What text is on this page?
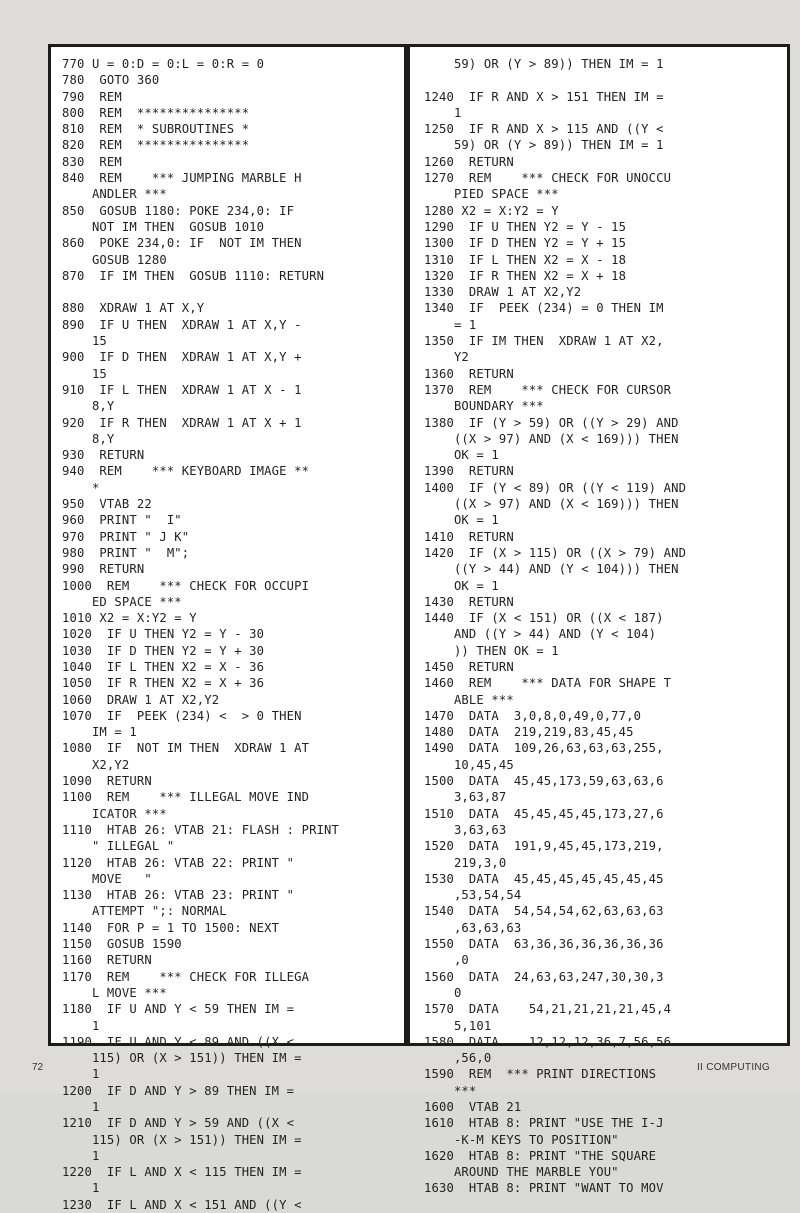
770 U = 0:D = 0:L = 0:R = 0
780  GOTO 360
790  REM
800  REM  ***************
810  REM  * SUBROUTINES *
820  REM  ***************
830  REM
840  REM    *** JUMPING MARBLE H
ANDLER ***
850  GOSUB 1180: POKE 234,0: IF
NOT IM THEN  GOSUB 1010
860  POKE 234,0: IF  NOT IM THEN
GOSUB 1280
870  IF IM THEN  GOSUB 1110: RETURN
880  XDRAW 1 AT X,Y
890  IF U THEN  XDRAW 1 AT X,Y -
15
900  IF D THEN  XDRAW 1 AT X,Y +
15
910  IF L THEN  XDRAW 1 AT X - 1
8,Y
920  IF R THEN  XDRAW 1 AT X + 1
8,Y
930  RETURN
940  REM    *** KEYBOARD IMAGE **
*
950  VTAB 22
960  PRINT "  I"
970  PRINT " J K"
980  PRINT "  M";
990  RETURN
1000  REM    *** CHECK FOR OCCUPI
ED SPACE ***
1010 X2 = X:Y2 = Y
1020  IF U THEN Y2 = Y - 30
1030  IF D THEN Y2 = Y + 30
1040  IF L THEN X2 = X - 36
1050  IF R THEN X2 = X + 36
1060  DRAW 1 AT X2,Y2
1070  IF  PEEK (234) <  > 0 THEN
IM = 1
1080  IF  NOT IM THEN  XDRAW 1 AT
X2,Y2
1090  RETURN
1100  REM    *** ILLEGAL MOVE IND
ICATOR ***
1110  HTAB 26: VTAB 21: FLASH : PRINT
" ILLEGAL "
1120  HTAB 26: VTAB 22: PRINT "
MOVE   "
1130  HTAB 26: VTAB 23: PRINT "
ATTEMPT ";: NORMAL
1140  FOR P = 1 TO 1500: NEXT
1150  GOSUB 1590
1160  RETURN
1170  REM    *** CHECK FOR ILLEGA
L MOVE ***
1180  IF U AND Y < 59 THEN IM =
1
1190  IF U AND Y < 89 AND ((X <
115) OR (X > 151)) THEN IM =
1
1200  IF D AND Y > 89 THEN IM =
1
1210  IF D AND Y > 59 AND ((X <
115) OR (X > 151)) THEN IM =
1
1220  IF L AND X < 115 THEN IM =
1
1230  IF L AND X < 151 AND ((Y <
59) OR (Y > 89)) THEN IM = 1
1240  IF R AND X > 151 THEN IM =
1
1250  IF R AND X > 115 AND ((Y <
59) OR (Y > 89)) THEN IM = 1
1260  RETURN
1270  REM    *** CHECK FOR UNOCCU
PIED SPACE ***
1280 X2 = X:Y2 = Y
1290  IF U THEN Y2 = Y - 15
1300  IF D THEN Y2 = Y + 15
1310  IF L THEN X2 = X - 18
1320  IF R THEN X2 = X + 18
1330  DRAW 1 AT X2,Y2
1340  IF  PEEK (234) = 0 THEN IM
= 1
1350  IF IM THEN  XDRAW 1 AT X2,
Y2
1360  RETURN
1370  REM    *** CHECK FOR CURSOR
BOUNDARY ***
1380  IF (Y > 59) OR ((Y > 29) AND
((X > 97) AND (X < 169))) THEN
OK = 1
1390  RETURN
1400  IF (Y < 89) OR ((Y < 119) AND
((X > 97) AND (X < 169))) THEN
OK = 1
1410  RETURN
1420  IF (X > 115) OR ((X > 79) AND
((Y > 44) AND (Y < 104))) THEN
OK = 1
1430  RETURN
1440  IF (X < 151) OR ((X < 187)
AND ((Y > 44) AND (Y < 104)
)) THEN OK = 1
1450  RETURN
1460  REM    *** DATA FOR SHAPE T
ABLE ***
1470  DATA  3,0,8,0,49,0,77,0
1480  DATA  219,219,83,45,45
1490  DATA  109,26,63,63,63,255,
10,45,45
1500  DATA  45,45,173,59,63,63,6
3,63,87
1510  DATA  45,45,45,45,173,27,6
3,63,63
1520  DATA  191,9,45,45,173,219,
219,3,0
1530  DATA  45,45,45,45,45,45,45
,53,54,54
1540  DATA  54,54,54,62,63,63,63
,63,63,63
1550  DATA  63,36,36,36,36,36,36
,0
1560  DATA  24,63,63,247,30,30,3
0
1570  DATA    54,21,21,21,21,45,4
5,101
1580  DATA    12,12,12,36,7,56,56
,56,0
1590  REM  *** PRINT DIRECTIONS
***
1600  VTAB 21
1610  HTAB 8: PRINT "USE THE I-J
-K-M KEYS TO POSITION"
1620  HTAB 8: PRINT "THE SQUARE
AROUND THE MARBLE YOU"
1630  HTAB 8: PRINT "WANT TO MOV
72	II COMPUTING
